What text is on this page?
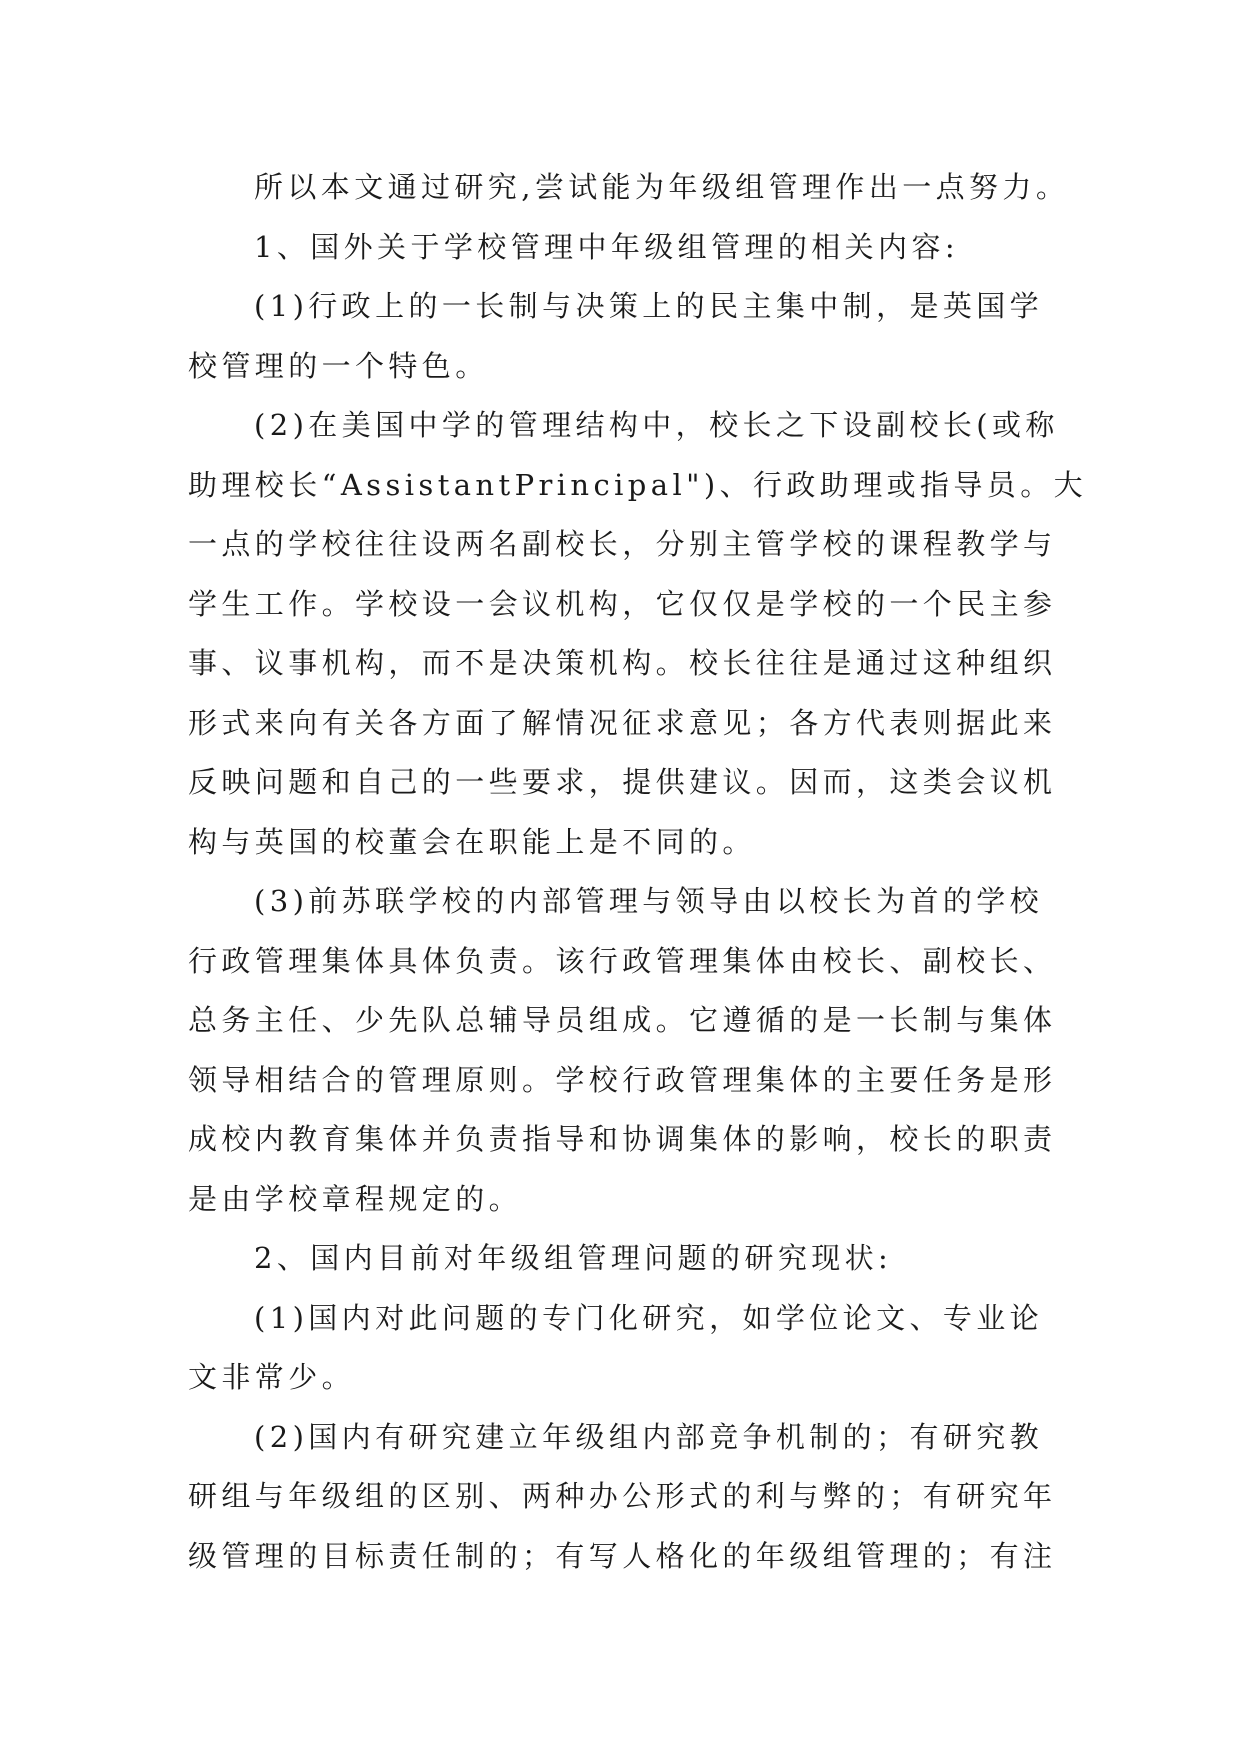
所以本文通过研究,尝试能为年级组管理作出一点努力。
1、国外关于学校管理中年级组管理的相关内容:
(1)行政上的一长制与决策上的民主集中制，是英国学
校管理的一个特色。
(2)在美国中学的管理结构中，校长之下设副校长(或称
助理校长“AssistantPrincipal")、行政助理或指导员。大
一点的学校往往设两名副校长，分别主管学校的课程教学与
学生工作。学校设一会议机构，它仅仅是学校的一个民主参
事、议事机构，而不是决策机构。校长往往是通过这种组织
形式来向有关各方面了解情况征求意见；各方代表则据此来
反映问题和自己的一些要求，提供建议。因而，这类会议机
构与英国的校董会在职能上是不同的。
(3)前苏联学校的内部管理与领导由以校长为首的学校
行政管理集体具体负责。该行政管理集体由校长、副校长、
总务主任、少先队总辅导员组成。它遵循的是一长制与集体
领导相结合的管理原则。学校行政管理集体的主要任务是形
成校内教育集体并负责指导和协调集体的影响，校长的职责
是由学校章程规定的。
2、国内目前对年级组管理问题的研究现状:
(1)国内对此问题的专门化研究，如学位论文、专业论
文非常少。
(2)国内有研究建立年级组内部竞争机制的；有研究教
研组与年级组的区别、两种办公形式的利与弊的；有研究年
级管理的目标责任制的；有写人格化的年级组管理的；有注
